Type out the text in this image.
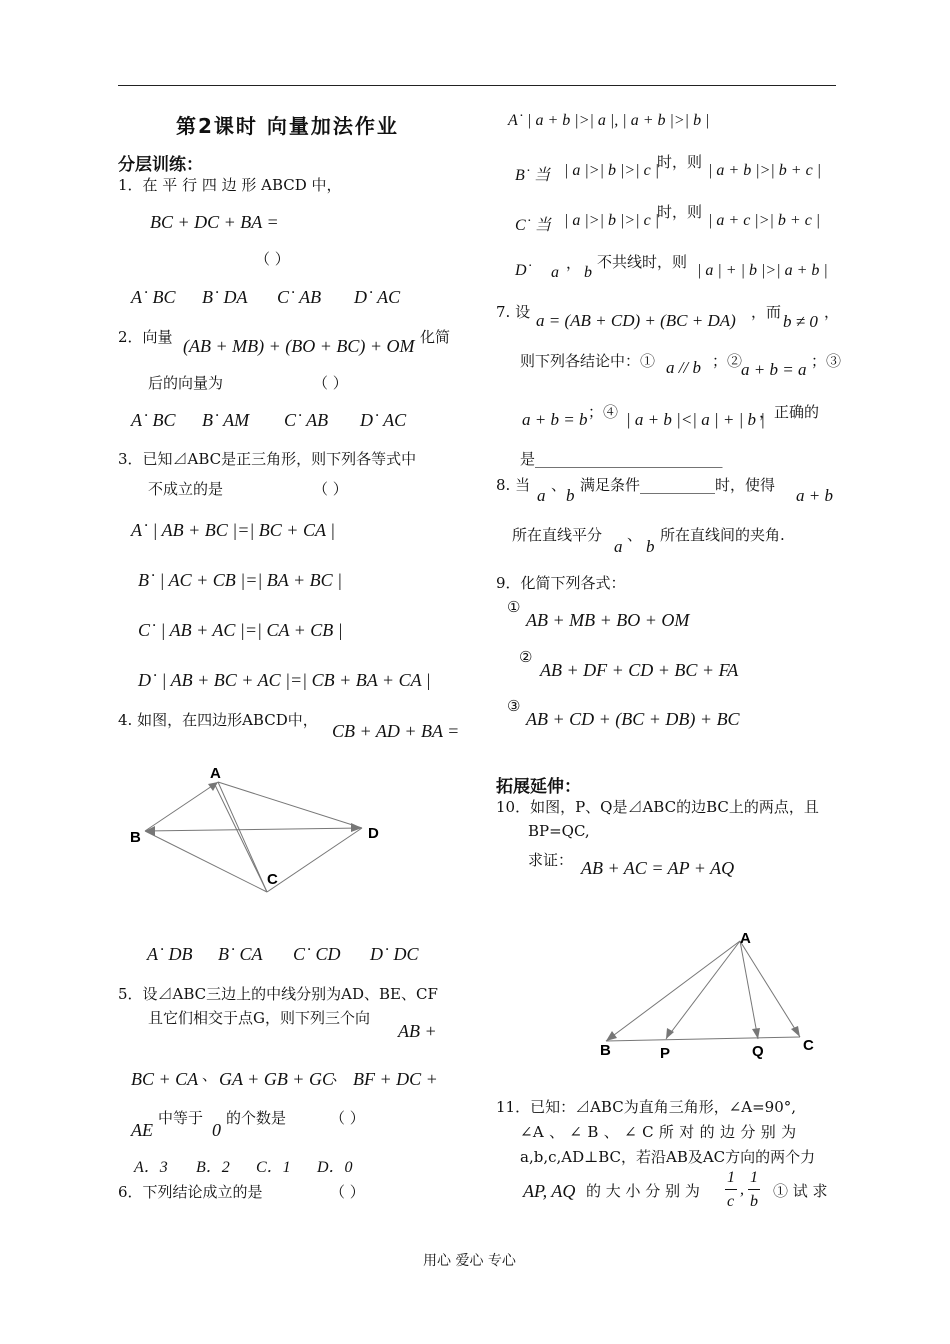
第2课时 向量加法作业
分层训练：
1．在 平 行 四 边 形 ABCD 中，
BC + DC + BA =
（ ）
A˙ BC B˙ DA C˙ AB D˙ AC
2．向量 (AB + MB) + (BO + BC) + OM 化简
后的向量为	（ ）
A˙ BC B˙ AM C˙ AB D˙ AC
3．已知⊿ABC是正三角形，则下列各等式中
不成立的是	（ ）
A˙ | AB + BC |=| BC + CA |
B˙ | AC + CB |=| BA + BC |
C˙ | AB + AC |=| CA + CB |
D˙ | AB + BC + AC |=| CB + BA + CA |
4. 如图，在四边形ABCD中，
CB + AD + BA =
A
B
C
D
A˙ DB B˙ CA C˙ CD D˙ DC
5．设⊿ABC三边上的中线分别为AD、BE、CF
且它们相交于点G，则下列三个向
AB +
BC + CA 、 GA + GB + GC
、 BF + DC +
AE
中等于
0
的个数是	（ ）
A．3 B．2 C．1 D．0
6．下列结论成立的是	（ ）
A˙ | a + b |>| a |, | a + b |>| b |
B˙ 当 | a |>| b |>| c |
时，则 | a + b |>| b + c |
C˙ 当 | a |>| b |>| c |
时，则 | a + c |>| b + c |
D˙ a
，
b
不共线时，则 | a | + | b |>| a + b |
7. 设 a = (AB + CD) + (BC + DA) ，而 b ≠ 0 ，
则下列各结论中：① a // b ；②
a + b = a ；③
a + b = b ；④ | a + b |<| a | + | b |
，正确的
是_________________________
8. 当
a
、
b
满足条件__________时，使得
a + b
所在直线平分
a
、
b
所在直线间的夹角.
9．化简下列各式：
①
AB + MB + BO + OM
②
AB + DF + CD + BC + FA
③
AB + CD + (BC + DB) + BC
拓展延伸：
10．如图，P、Q是⊿ABC的边BC上的两点，且
BP=QC,
求证： AB + AC = AP + AQ
A
B	P	Q	C
11．已知：⊿ABC为直角三角形，∠A=90°,
∠A 、 ∠ B 、 ∠ C 所 对 的 边 分 别 为
a,b,c,AD⊥BC，若沿AB及AC方向的两个力
AP, AQ 的 大 小 分 别 为
1
c
,
1
b
① 试 求
用心 爱心 专心
